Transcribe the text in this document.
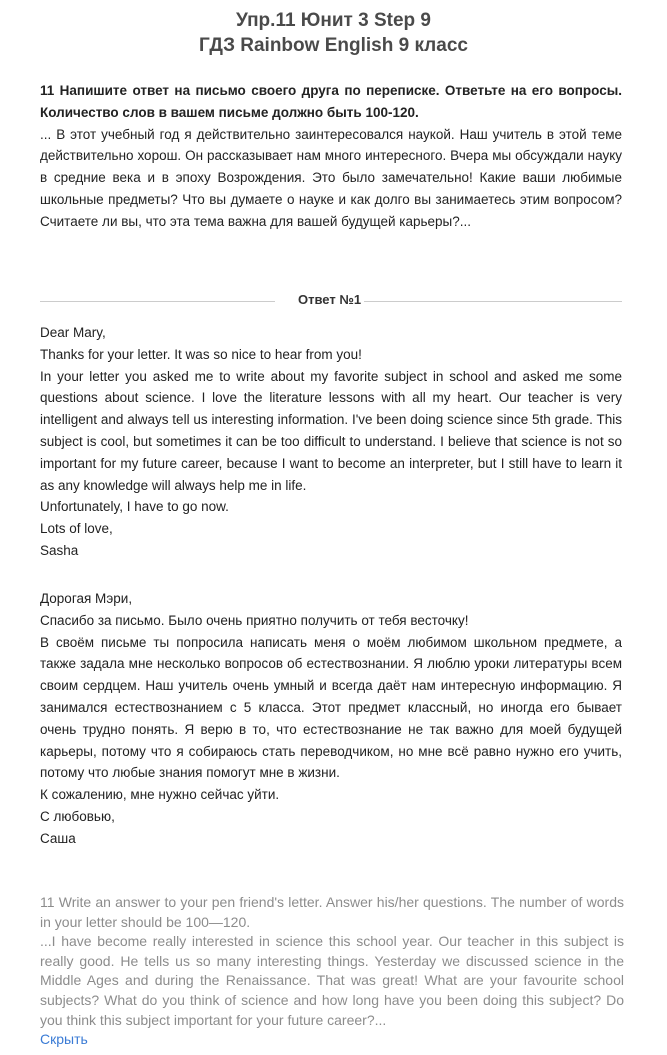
Упр.11 Юнит 3 Step 9
ГДЗ Rainbow English 9 класс

11 Напишите ответ на письмо своего друга по переписке. Ответьте на его вопросы. Количество слов в вашем письме должно быть 100-120.

... В этот учебный год я действительно заинтересовался наукой. Наш учитель в этой теме действительно хорош. Он рассказывает нам много интересного. Вчера мы обсуждали науку в средние века и в эпоху Возрождения. Это было замечательно! Какие ваши любимые школьные предметы? Что вы думаете о науке и как долго вы занимаетесь этим вопросом? Считаете ли вы, что эта тема важна для вашей будущей карьеры?...

Ответ №1

Dear Mary,

Thanks for your letter. It was so nice to hear from you!

In your letter you asked me to write about my favorite subject in school and asked me some questions about science. I love the literature lessons with all my heart. Our teacher is very intelligent and always tell us interesting information. I've been doing science since 5th grade. This subject is cool, but sometimes it can be too difficult to understand. I believe that science is not so important for my future career, because I want to become an interpreter, but I still have to learn it as any knowledge will always help me in life.

Unfortunately, I have to go now.

Lots of love,

Sasha

Дорогая Мэри,

Спасибо за письмо. Было очень приятно получить от тебя весточку!

В своём письме ты попросила написать меня о моём любимом школьном предмете, а также задала мне несколько вопросов об естествознании. Я люблю уроки литературы всем своим сердцем. Наш учитель очень умный и всегда даёт нам интересную информацию. Я занимался естествознанием с 5 класса. Этот предмет классный, но иногда его бывает очень трудно понять. Я верю в то, что естествознание не так важно для моей будущей карьеры, потому что я собираюсь стать переводчиком, но мне всё равно нужно его учить, потому что любые знания помогут мне в жизни.

К сожалению, мне нужно сейчас уйти.

С любовью,

Саша

11 Write an answer to your pen friend's letter. Answer his/her questions. The number of words in your letter should be 100—120.

...I have become really interested in science this school year. Our teacher in this subject is really good. He tells us so many interesting things. Yesterday we discussed science in the Middle Ages and during the Renaissance. That was great! What are your favourite school subjects? What do you think of science and how long have you been doing this subject? Do you think this subject important for your future career?...

Скрыть
